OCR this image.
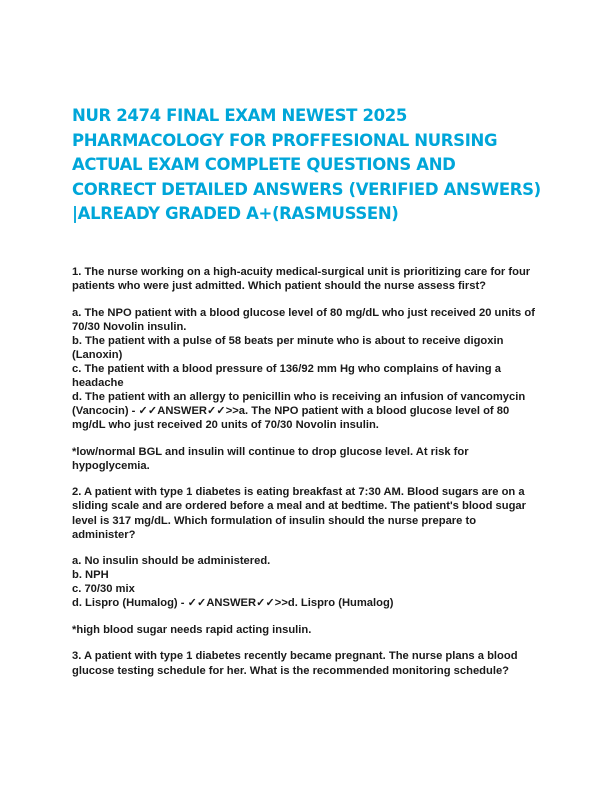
NUR 2474 FINAL EXAM NEWEST 2025
PHARMACOLOGY FOR PROFFESIONAL NURSING
ACTUAL EXAM COMPLETE QUESTIONS AND
CORRECT DETAILED ANSWERS (VERIFIED ANSWERS)
|ALREADY GRADED A+(RASMUSSEN)

1. The nurse working on a high-acuity medical-surgical unit is prioritizing care for four patients who were just admitted. Which patient should the nurse assess first?

a. The NPO patient with a blood glucose level of 80 mg/dL who just received 20 units of 70/30 Novolin insulin.

b. The patient with a pulse of 58 beats per minute who is about to receive digoxin (Lanoxin)

c. The patient with a blood pressure of 136/92 mm Hg who complains of having a headache

d. The patient with an allergy to penicillin who is receiving an infusion of vancomycin (Vancocin) - ✓✓ANSWER✓✓>>a. The NPO patient with a blood glucose level of 80 mg/dL who just received 20 units of 70/30 Novolin insulin.

*low/normal BGL and insulin will continue to drop glucose level. At risk for hypoglycemia.

2. A patient with type 1 diabetes is eating breakfast at 7:30 AM. Blood sugars are on a sliding scale and are ordered before a meal and at bedtime. The patient's blood sugar level is 317 mg/dL. Which formulation of insulin should the nurse prepare to administer?

a. No insulin should be administered.

b. NPH

c. 70/30 mix

d. Lispro (Humalog) - ✓✓ANSWER✓✓>>d. Lispro (Humalog)

*high blood sugar needs rapid acting insulin.

3. A patient with type 1 diabetes recently became pregnant. The nurse plans a blood glucose testing schedule for her. What is the recommended monitoring schedule?
